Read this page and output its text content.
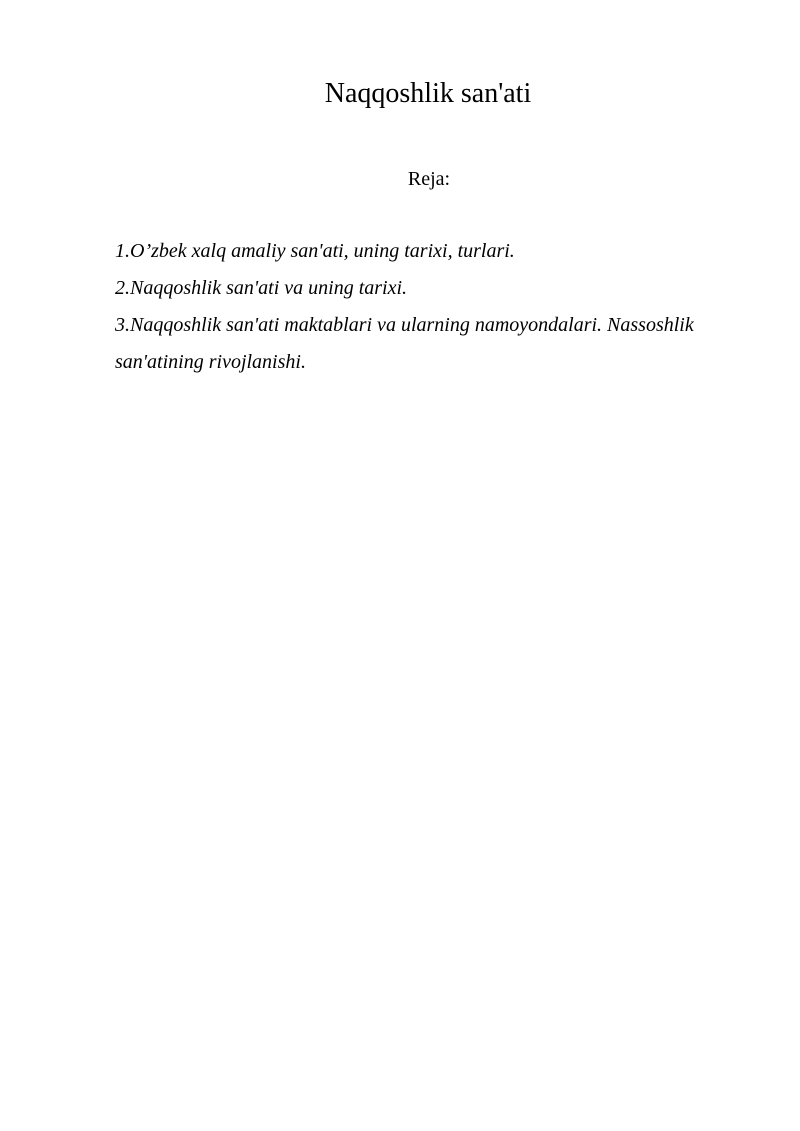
Naqqoshlik san'ati
Reja:
1.O’zbek xalq amaliy san'ati, uning tarixi, turlari.
2.Naqqoshlik san'ati va uning tarixi.
3.Naqqoshlik san'ati maktablari va ularning namoyondalari. Nassoshlik san'atining rivojlanishi.
